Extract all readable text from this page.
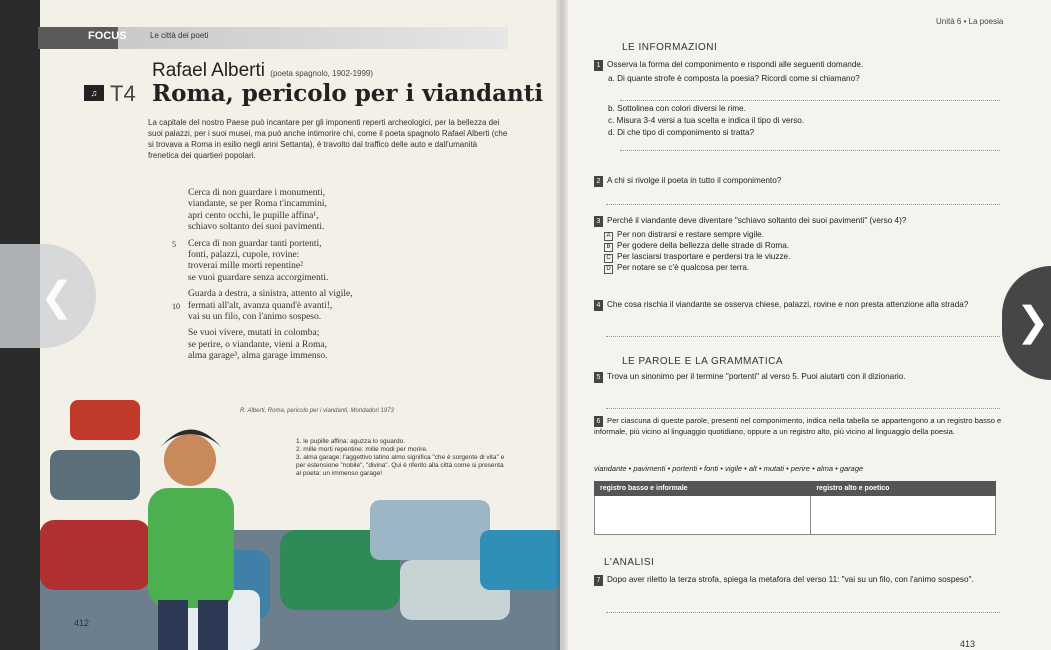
FOCUS	Le città dei poeti
Rafael Alberti (poeta spagnolo, 1902-1999)
♫ T4 Roma, pericolo per i viandanti
La capitale del nostro Paese può incantare per gli imponenti reperti archeologici, per la bellezza dei suoi palazzi, per i suoi musei, ma può anche intimorire chi, come il poeta spagnolo Rafael Alberti (che si trovava a Roma in esilio negli anni Settanta), è travolto dal traffico delle auto e dall'umanità frenetica dei quartieri popolari.
Cerca di non guardare i monumenti,
viandante, se per Roma t'incammini,
apri cento occhi, le pupille affina¹,
schiavo soltanto dei suoi pavimenti.
5 Cerca di non guardar tanti portenti,
fonti, palazzi, cupole, rovine:
troverai mille morti repentine²
se vuoi guardare senza accorgimenti.
Guarda a destra, a sinistra, attento al vigile,
10 fermati all'alt, avanza quand'è avanti!,
vai su un filo, con l'animo sospeso.
Se vuoi vivere, mutati in colomba;
se perire, o viandante, vieni a Roma,
alma garage³, alma garage immenso.
R. Alberti, Roma, pericolo per i viandanti, Mondadori 1973
1. le pupille affina: aguzza lo sguardo.
2. mille morti repentine: mille modi per morire.
3. alma garage: l'aggettivo latino almo significa "che è sorgente di vita" e per estensione "nobile", "divina". Qui è riferito alla città come si presenta al poeta: un immenso garage!
412
❮
Unità 6 • La poesia
LE INFORMAZIONI
1 Osserva la forma del componimento e rispondi alle seguenti domande.
a. Di quante strofe è composta la poesia? Ricordi come si chiamano?
b. Sottolinea con colori diversi le rime.
c. Misura 3-4 versi a tua scelta e indica il tipo di verso.
d. Di che tipo di componimento si tratta?
2 A chi si rivolge il poeta in tutto il componimento?
3 Perché il viandante deve diventare "schiavo soltanto dei suoi pavimenti" (verso 4)?
A Per non distrarsi e restare sempre vigile.
B Per godere della bellezza delle strade di Roma.
C Per lasciarsi trasportare e perdersi tra le viuzze.
D Per notare se c'è qualcosa per terra.
4 Che cosa rischia il viandante se osserva chiese, palazzi, rovine e non presta attenzione alla strada?
LE PAROLE E LA GRAMMATICA
5 Trova un sinonimo per il termine "portenti" al verso 5. Puoi aiutarti con il dizionario.
6 Per ciascuna di queste parole, presenti nel componimento, indica nella tabella se appartengono a un registro basso e informale, più vicino al linguaggio quotidiano, oppure a un registro alto, più vicino al linguaggio della poesia.
viandante • pavimenti • portenti • fonti • vigile • alt • mutati • perire • alma • garage
registro basso e informale	registro alto e poetico

L'ANALISI
7 Dopo aver riletto la terza strofa, spiega la metafora del verso 11: "vai su un filo, con l'animo sospeso".
413
❯
